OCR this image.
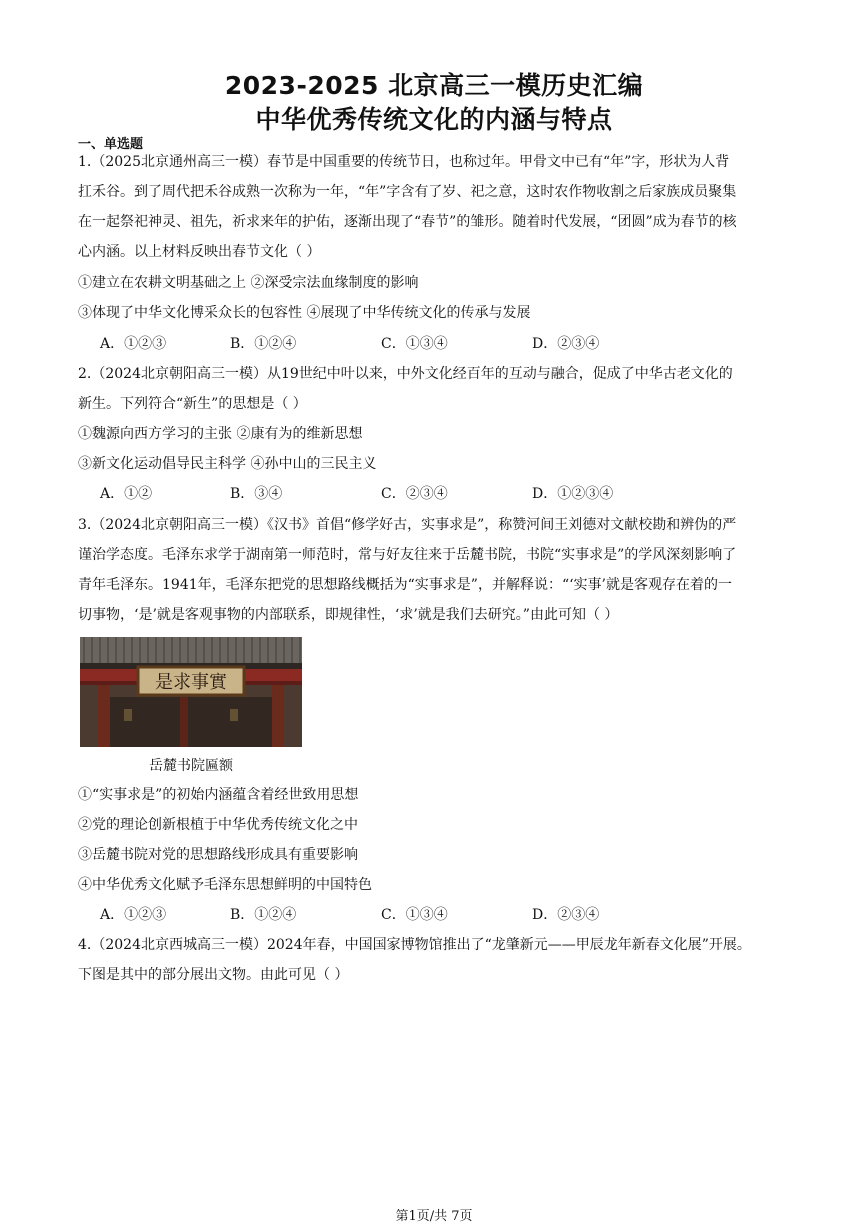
2023-2025 北京高三一模历史汇编
中华优秀传统文化的内涵与特点
一、单选题
1.（2025北京通州高三一模）春节是中国重要的传统节日，也称过年。甲骨文中已有“年”字，形状为人背
扛禾谷。到了周代把禾谷成熟一次称为一年，“年”字含有了岁、祀之意，这时农作物收割之后家族成员聚集
在一起祭祀神灵、祖先，祈求来年的护佑，逐渐出现了“春节”的雏形。随着时代发展，“团圆”成为春节的核
心内涵。以上材料反映出春节文化（ ）
①建立在农耕文明基础之上 ②深受宗法血缘制度的影响
③体现了中华文化博采众长的包容性 ④展现了中华传统文化的传承与发展
A．①②③	B．①②④	C．①③④	D．②③④
2.（2024北京朝阳高三一模）从19世纪中叶以来，中外文化经百年的互动与融合，促成了中华古老文化的
新生。下列符合“新生”的思想是（ ）
①魏源向西方学习的主张 ②康有为的维新思想
③新文化运动倡导民主科学 ④孙中山的三民主义
A．①②	B．③④	C．②③④	D．①②③④
3.（2024北京朝阳高三一模）《汉书》首倡“修学好古，实事求是”，称赞河间王刘德对文献校勘和辨伪的严
谨治学态度。毛泽东求学于湖南第一师范时，常与好友往来于岳麓书院，书院“实事求是”的学风深刻影响了
青年毛泽东。1941年，毛泽东把党的思想路线概括为“实事求是”，并解释说：“‘实事’就是客观存在着的一
切事物，‘是’就是客观事物的内部联系，即规律性，‘求’就是我们去研究。”由此可知（ ）
是求事實
岳麓书院匾额
①“实事求是”的初始内涵蕴含着经世致用思想
②党的理论创新根植于中华优秀传统文化之中
③岳麓书院对党的思想路线形成具有重要影响
④中华优秀文化赋予毛泽东思想鲜明的中国特色
A．①②③	B．①②④	C．①③④	D．②③④
4.（2024北京西城高三一模）2024年春，中国国家博物馆推出了“龙肇新元——甲辰龙年新春文化展”开展。
下图是其中的部分展出文物。由此可见（ ）
第1页/共 7页
